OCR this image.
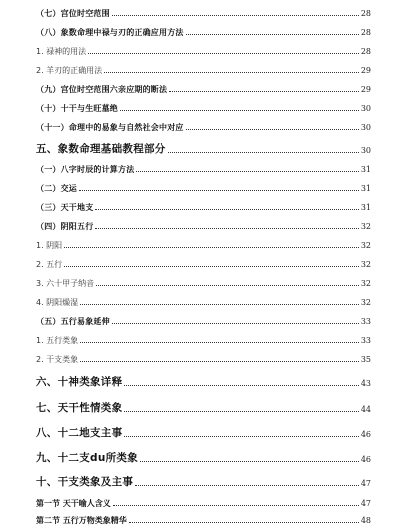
（七）宫位时空范围	28
（八）象数命理中禄与刃的正确应用方法	28
1. 禄神的用法	28
2. 羊刃的正确用法	29
（九）宫位时空范围六亲应期的断法	29
（十）十干与生旺墓绝	30
（十一）命理中的易象与自然社会中对应	30
五、象数命理基础教程部分	30
（一）八字时辰的计算方法	31
（二）交运	31
（三）天干地支	31
（四）阴阳五行	32
1. 阴阳	32
2. 五行	32
3. 六十甲子纳音	32
4. 阴阳燥湿	32
（五）五行易象延伸	33
1. 五行类象	33
2. 干支类象	35
六、十神类象详释	43
七、天干性情类象	44
八、十二地支主事	46
九、十二支du所类象	46
十、干支类象及主事	47
第一节 天干喻人含义	47
第二节 五行万物类象精华	48
